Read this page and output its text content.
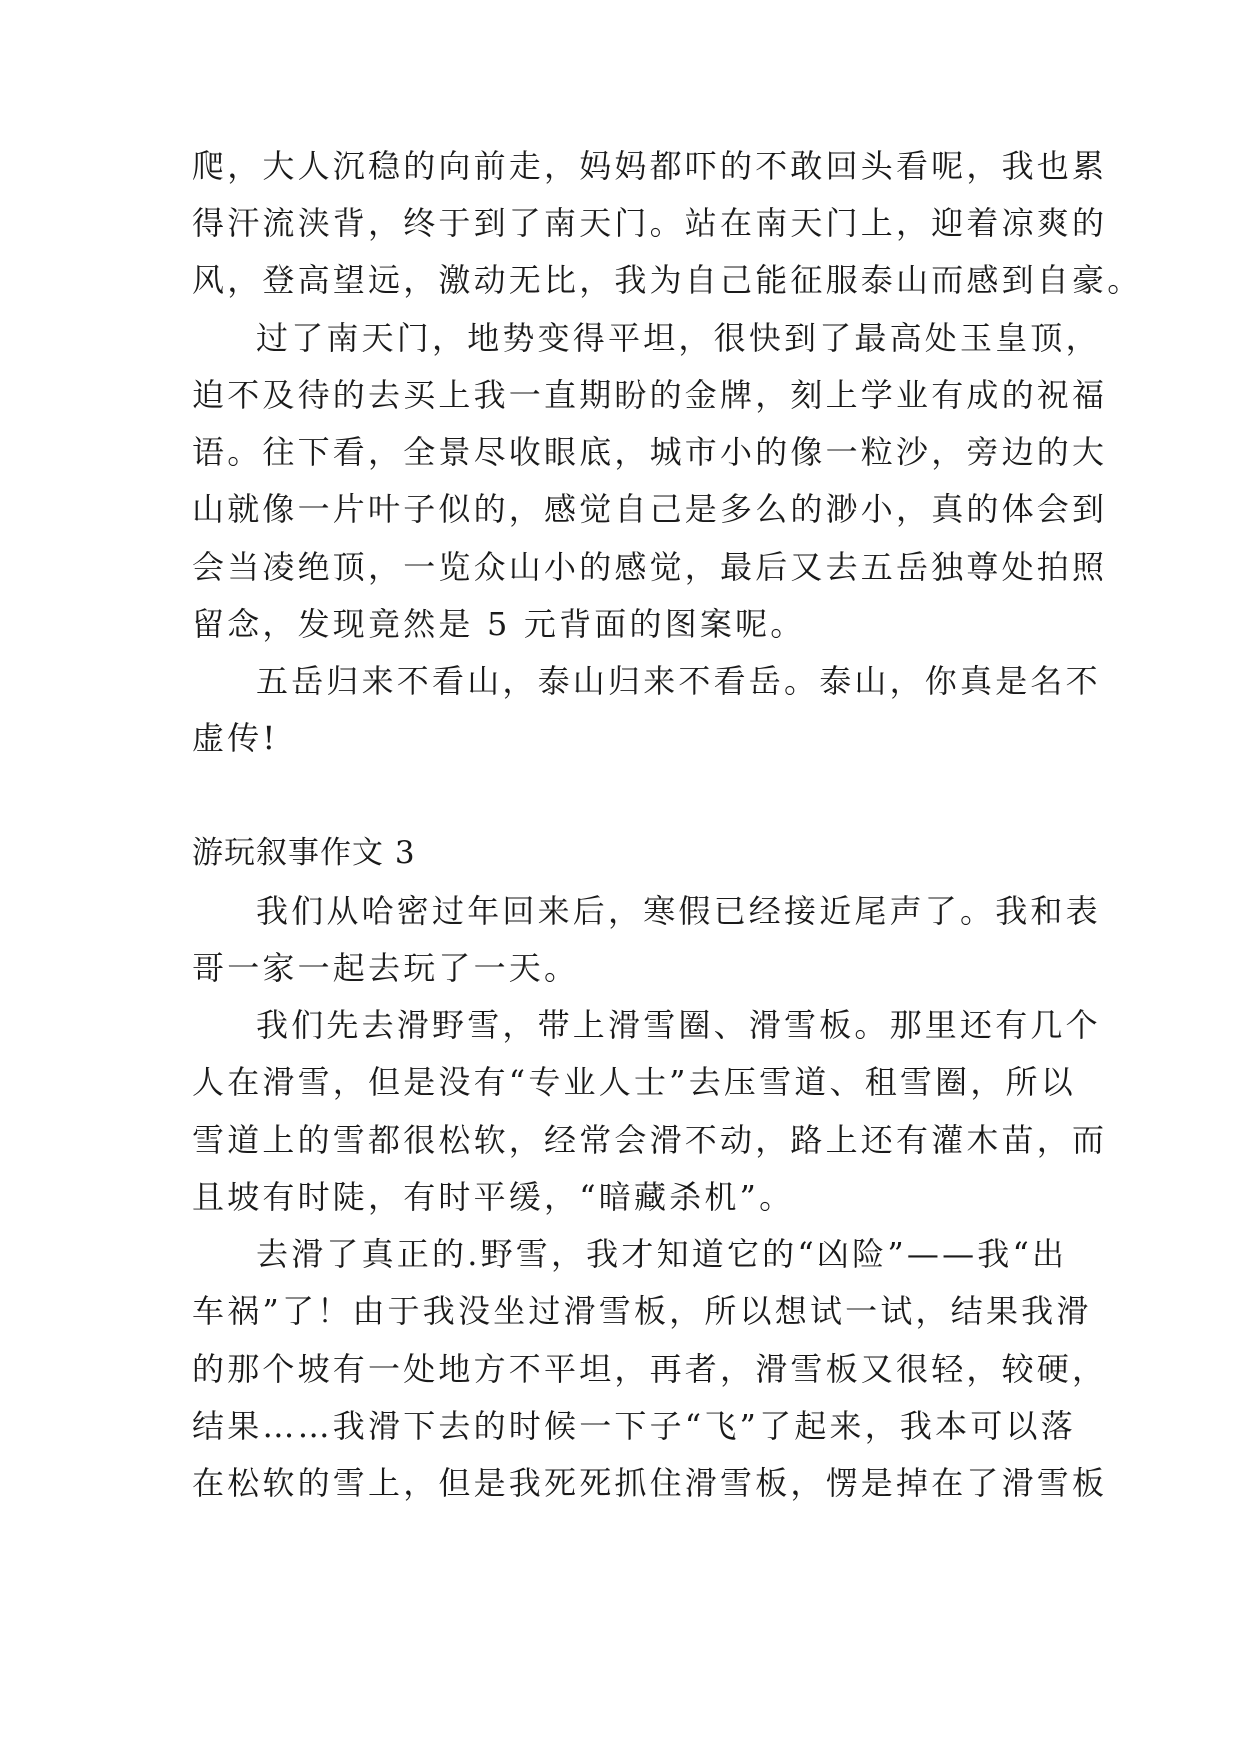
爬，大人沉稳的向前走，妈妈都吓的不敢回头看呢，我也累
得汗流浃背，终于到了南天门。站在南天门上，迎着凉爽的
风，登高望远，激动无比，我为自己能征服泰山而感到自豪。
过了南天门，地势变得平坦，很快到了最高处玉皇顶，
迫不及待的去买上我一直期盼的金牌，刻上学业有成的祝福
语。往下看，全景尽收眼底，城市小的像一粒沙，旁边的大
山就像一片叶子似的，感觉自己是多么的渺小，真的体会到
会当凌绝顶，一览众山小的感觉，最后又去五岳独尊处拍照
留念，发现竟然是 5 元背面的图案呢。
五岳归来不看山，泰山归来不看岳。泰山，你真是名不
虚传!
游玩叙事作文 3
我们从哈密过年回来后，寒假已经接近尾声了。我和表
哥一家一起去玩了一天。
我们先去滑野雪，带上滑雪圈、滑雪板。那里还有几个
人在滑雪，但是没有“专业人士”去压雪道、租雪圈，所以
雪道上的雪都很松软，经常会滑不动，路上还有灌木苗，而
且坡有时陡，有时平缓，“暗藏杀机”。
去滑了真正的.野雪，我才知道它的“凶险”——我“出
车祸”了！由于我没坐过滑雪板，所以想试一试，结果我滑
的那个坡有一处地方不平坦，再者，滑雪板又很轻，较硬，
结果……我滑下去的时候一下子“飞”了起来，我本可以落
在松软的雪上，但是我死死抓住滑雪板，愣是掉在了滑雪板
